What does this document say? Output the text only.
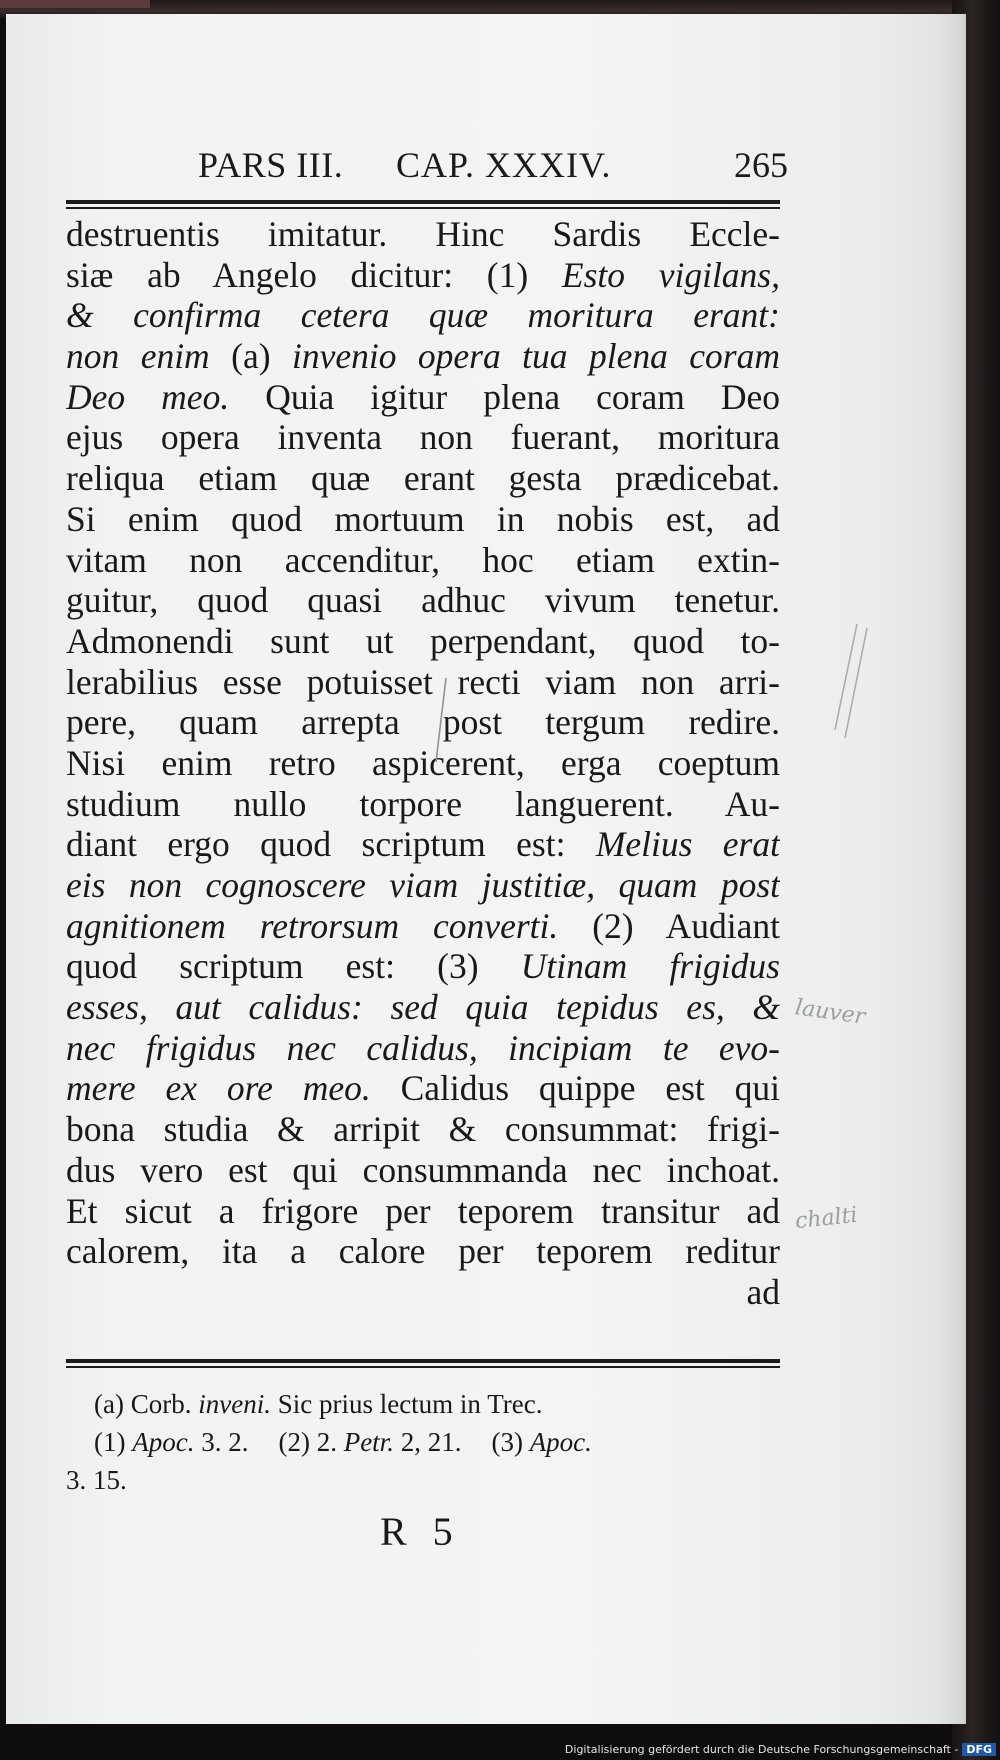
PARS III. CAP. XXXIV.	265
destruentis imitatur. Hinc Sardis Eccle-
siæ ab Angelo dicitur: (1) Esto vigilans,
& confirma cetera quæ moritura erant:
non enim (a) invenio opera tua plena coram
Deo meo. Quia igitur plena coram Deo
ejus opera inventa non fuerant, moritura
reliqua etiam quæ erant gesta prædicebat.
Si enim quod mortuum in nobis est, ad
vitam non accenditur, hoc etiam extin-
guitur, quod quasi adhuc vivum tenetur.
Admonendi sunt ut perpendant, quod to-
lerabilius esse potuisset recti viam non arri-
pere, quam arrepta post tergum redire.
Nisi enim retro aspicerent, erga coeptum
studium nullo torpore languerent. Au-
diant ergo quod scriptum est: Melius erat
eis non cognoscere viam justitiæ, quam post
agnitionem retrorsum converti. (2) Audiant
quod scriptum est: (3) Utinam frigidus
esses, aut calidus: sed quia tepidus es, &
nec frigidus nec calidus, incipiam te evo-
mere ex ore meo. Calidus quippe est qui
bona studia & arripit & consummat: frigi-
dus vero est qui consummanda nec inchoat.
Et sicut a frigore per teporem transitur ad
calorem, ita a calore per teporem reditur
ad
(a) Corb. inveni. Sic prius lectum in Trec.
(1) Apoc. 3. 2. (2) 2. Petr. 2, 21. (3) Apoc.
3. 15.
R 5
lauver
chalti
Digitalisierung gefördert durch die Deutsche Forschungsgemeinschaft - DFG
